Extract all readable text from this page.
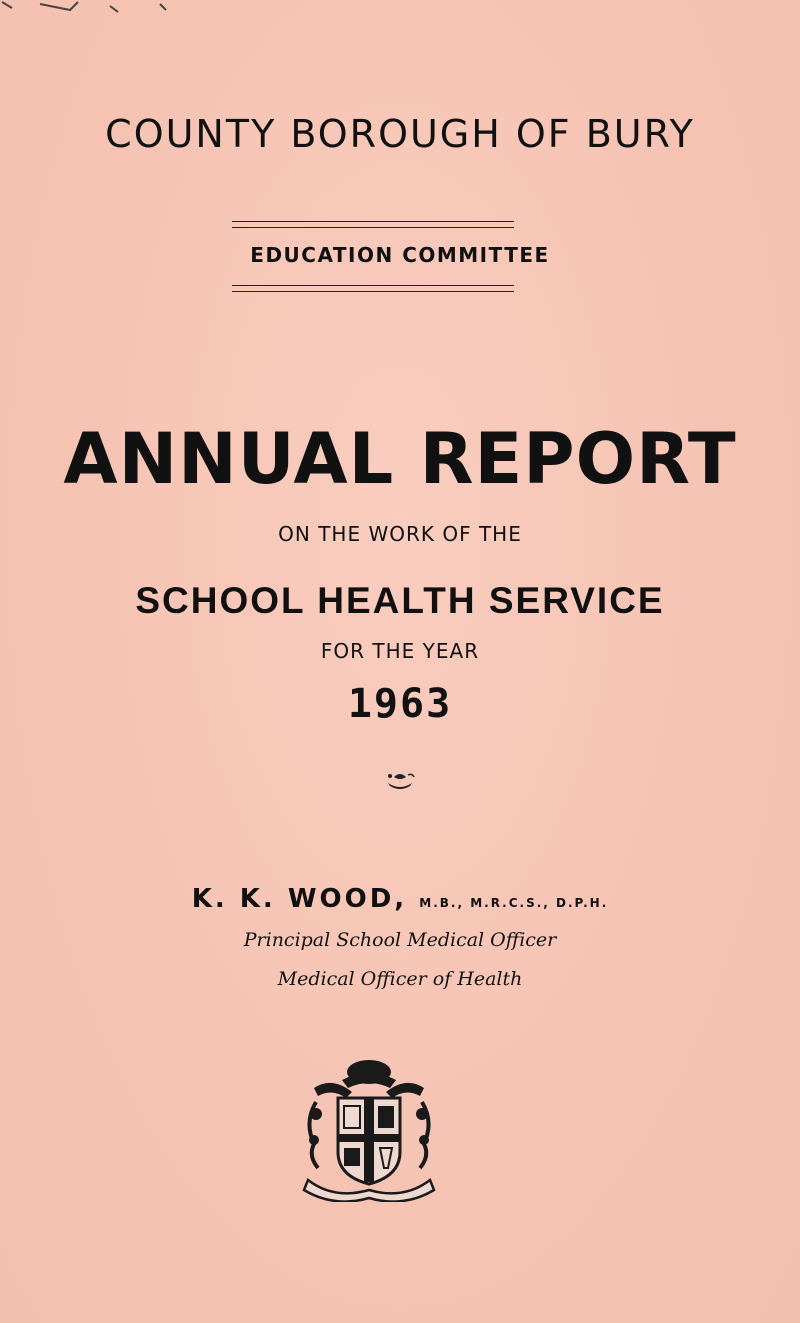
COUNTY BOROUGH OF BURY
EDUCATION COMMITTEE
ANNUAL REPORT
ON THE WORK OF THE
SCHOOL HEALTH SERVICE
FOR THE YEAR
1963
K. K. WOOD, M.B., M.R.C.S., D.P.H.
Principal School Medical Officer
Medical Officer of Health
